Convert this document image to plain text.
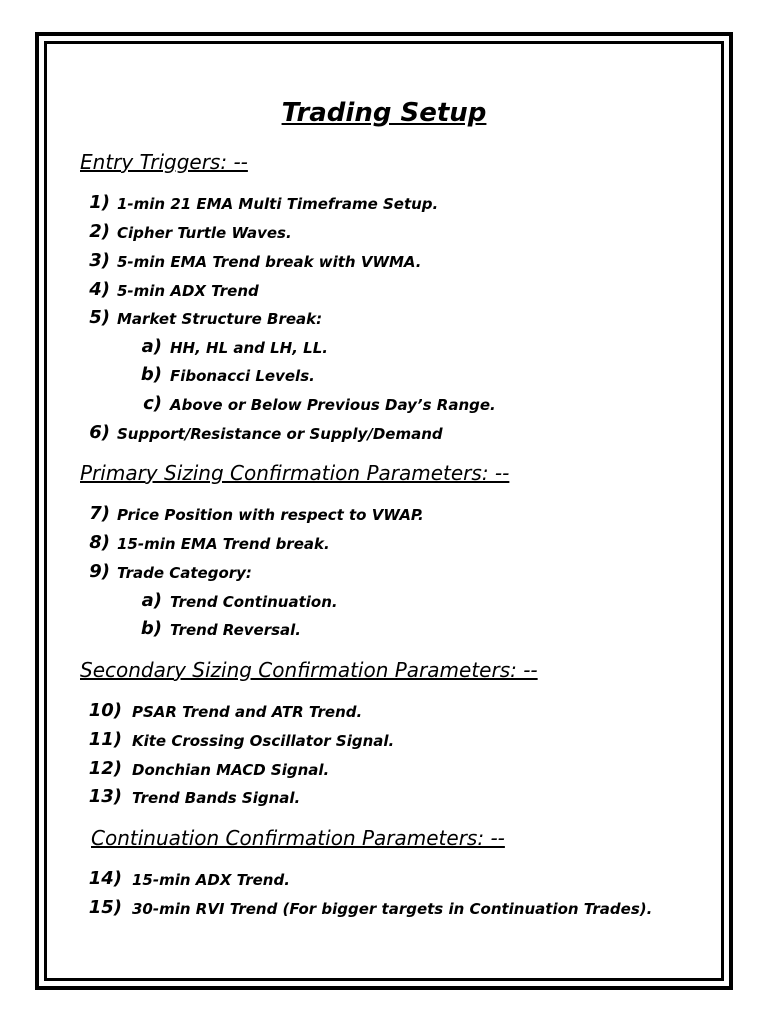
Trading Setup
Entry Triggers: --
1) 1-min 21 EMA Multi Timeframe Setup.
2) Cipher Turtle Waves.
3) 5-min EMA Trend break with VWMA.
4) 5-min ADX Trend
5) Market Structure Break:
a) HH, HL and LH, LL.
b) Fibonacci Levels.
c) Above or Below Previous Day’s Range.
6) Support/Resistance or Supply/Demand
Primary Sizing Confirmation Parameters: --
7) Price Position with respect to VWAP.
8) 15-min EMA Trend break.
9) Trade Category:
a) Trend Continuation.
b) Trend Reversal.
Secondary Sizing Confirmation Parameters: --
10) PSAR Trend and ATR Trend.
11) Kite Crossing Oscillator Signal.
12) Donchian MACD Signal.
13) Trend Bands Signal.
Continuation Confirmation Parameters: --
14) 15-min ADX Trend.
15) 30-min RVI Trend (For bigger targets in Continuation Trades).
